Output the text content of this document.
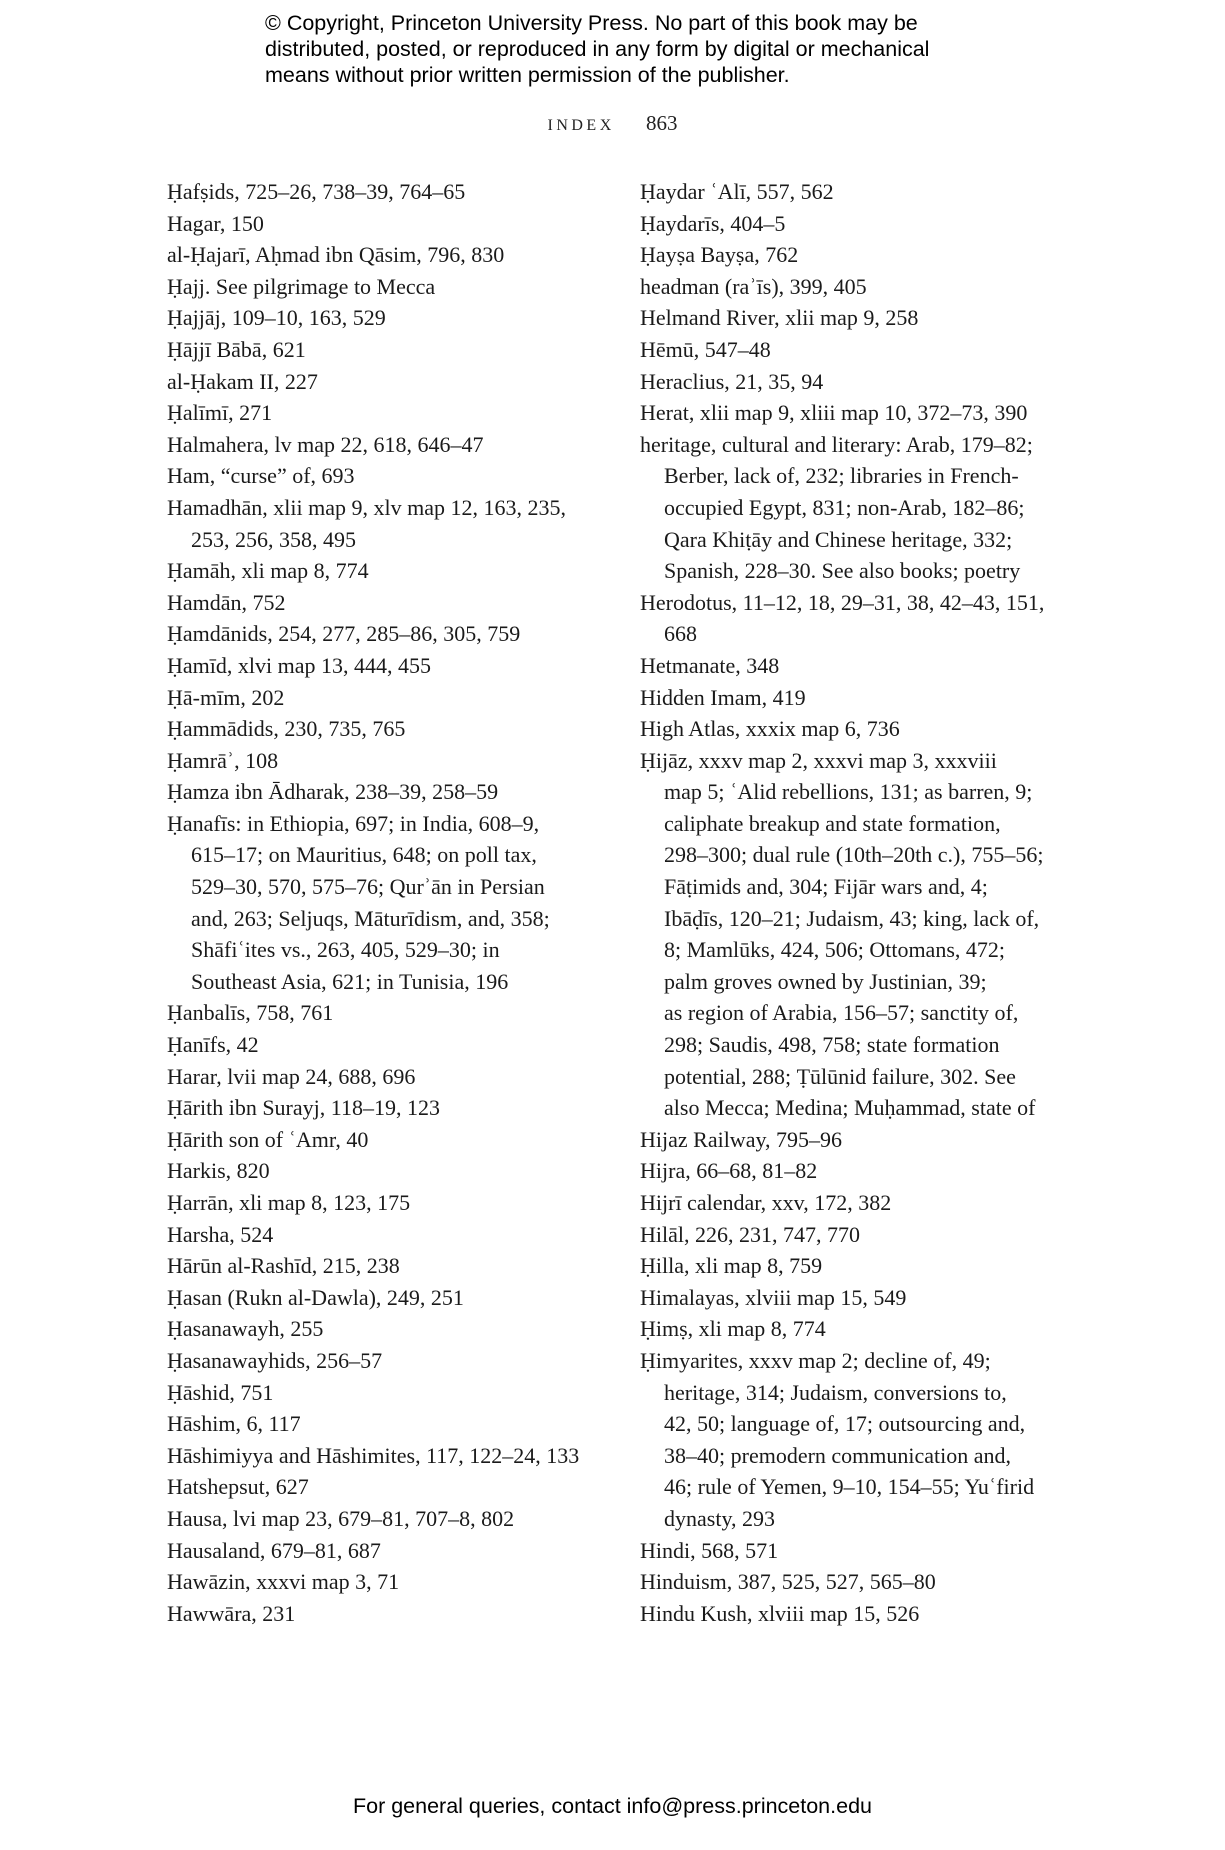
© Copyright, Princeton University Press. No part of this book may be
distributed, posted, or reproduced in any form by digital or mechanical
means without prior written permission of the publisher.
INDEX 863
Ḥafṣids, 725–26, 738–39, 764–65
Hagar, 150
al-Ḥajarī, Aḥmad ibn Qāsim, 796, 830
Ḥajj. See pilgrimage to Mecca
Ḥajjāj, 109–10, 163, 529
Ḥājjī Bābā, 621
al-Ḥakam II, 227
Ḥalīmī, 271
Halmahera, lv map 22, 618, 646–47
Ham, “curse” of, 693
Hamadhān, xlii map 9, xlv map 12, 163, 235,
253, 256, 358, 495
Ḥamāh, xli map 8, 774
Hamdān, 752
Ḥamdānids, 254, 277, 285–86, 305, 759
Ḥamīd, xlvi map 13, 444, 455
Ḥā-mīm, 202
Ḥammādids, 230, 735, 765
Ḥamrāʾ, 108
Ḥamza ibn Ādharak, 238–39, 258–59
Ḥanafīs: in Ethiopia, 697; in India, 608–9,
615–17; on Mauritius, 648; on poll tax,
529–30, 570, 575–76; Qurʾān in Persian
and, 263; Seljuqs, Māturīdism, and, 358;
Shāfiʿites vs., 263, 405, 529–30; in
Southeast Asia, 621; in Tunisia, 196
Ḥanbalīs, 758, 761
Ḥanīfs, 42
Harar, lvii map 24, 688, 696
Ḥārith ibn Surayj, 118–19, 123
Ḥārith son of ʿAmr, 40
Harkis, 820
Ḥarrān, xli map 8, 123, 175
Harsha, 524
Hārūn al-Rashīd, 215, 238
Ḥasan (Rukn al-Dawla), 249, 251
Ḥasanawayh, 255
Ḥasanawayhids, 256–57
Ḥāshid, 751
Hāshim, 6, 117
Hāshimiyya and Hāshimites, 117, 122–24, 133
Hatshepsut, 627
Hausa, lvi map 23, 679–81, 707–8, 802
Hausaland, 679–81, 687
Hawāzin, xxxvi map 3, 71
Hawwāra, 231
Ḥaydar ʿAlī, 557, 562
Ḥaydarīs, 404–5
Ḥayṣa Bayṣa, 762
headman (raʾīs), 399, 405
Helmand River, xlii map 9, 258
Hēmū, 547–48
Heraclius, 21, 35, 94
Herat, xlii map 9, xliii map 10, 372–73, 390
heritage, cultural and literary: Arab, 179–82;
Berber, lack of, 232; libraries in French-
occupied Egypt, 831; non-Arab, 182–86;
Qara Khiṭāy and Chinese heritage, 332;
Spanish, 228–30. See also books; poetry
Herodotus, 11–12, 18, 29–31, 38, 42–43, 151,
668
Hetmanate, 348
Hidden Imam, 419
High Atlas, xxxix map 6, 736
Ḥijāz, xxxv map 2, xxxvi map 3, xxxviii
map 5; ʿAlid rebellions, 131; as barren, 9;
caliphate breakup and state formation,
298–300; dual rule (10th–20th c.), 755–56;
Fāṭimids and, 304; Fijār wars and, 4;
Ibāḍīs, 120–21; Judaism, 43; king, lack of,
8; Mamlūks, 424, 506; Ottomans, 472;
palm groves owned by Justinian, 39;
as region of Arabia, 156–57; sanctity of,
298; Saudis, 498, 758; state formation
potential, 288; Ṭūlūnid failure, 302. See
also Mecca; Medina; Muḥammad, state of
Hijaz Railway, 795–96
Hijra, 66–68, 81–82
Hijrī calendar, xxv, 172, 382
Hilāl, 226, 231, 747, 770
Ḥilla, xli map 8, 759
Himalayas, xlviii map 15, 549
Ḥimṣ, xli map 8, 774
Ḥimyarites, xxxv map 2; decline of, 49;
heritage, 314; Judaism, conversions to,
42, 50; language of, 17; outsourcing and,
38–40; premodern communication and,
46; rule of Yemen, 9–10, 154–55; Yuʿfirid
dynasty, 293
Hindi, 568, 571
Hinduism, 387, 525, 527, 565–80
Hindu Kush, xlviii map 15, 526
For general queries, contact info@press.princeton.edu
